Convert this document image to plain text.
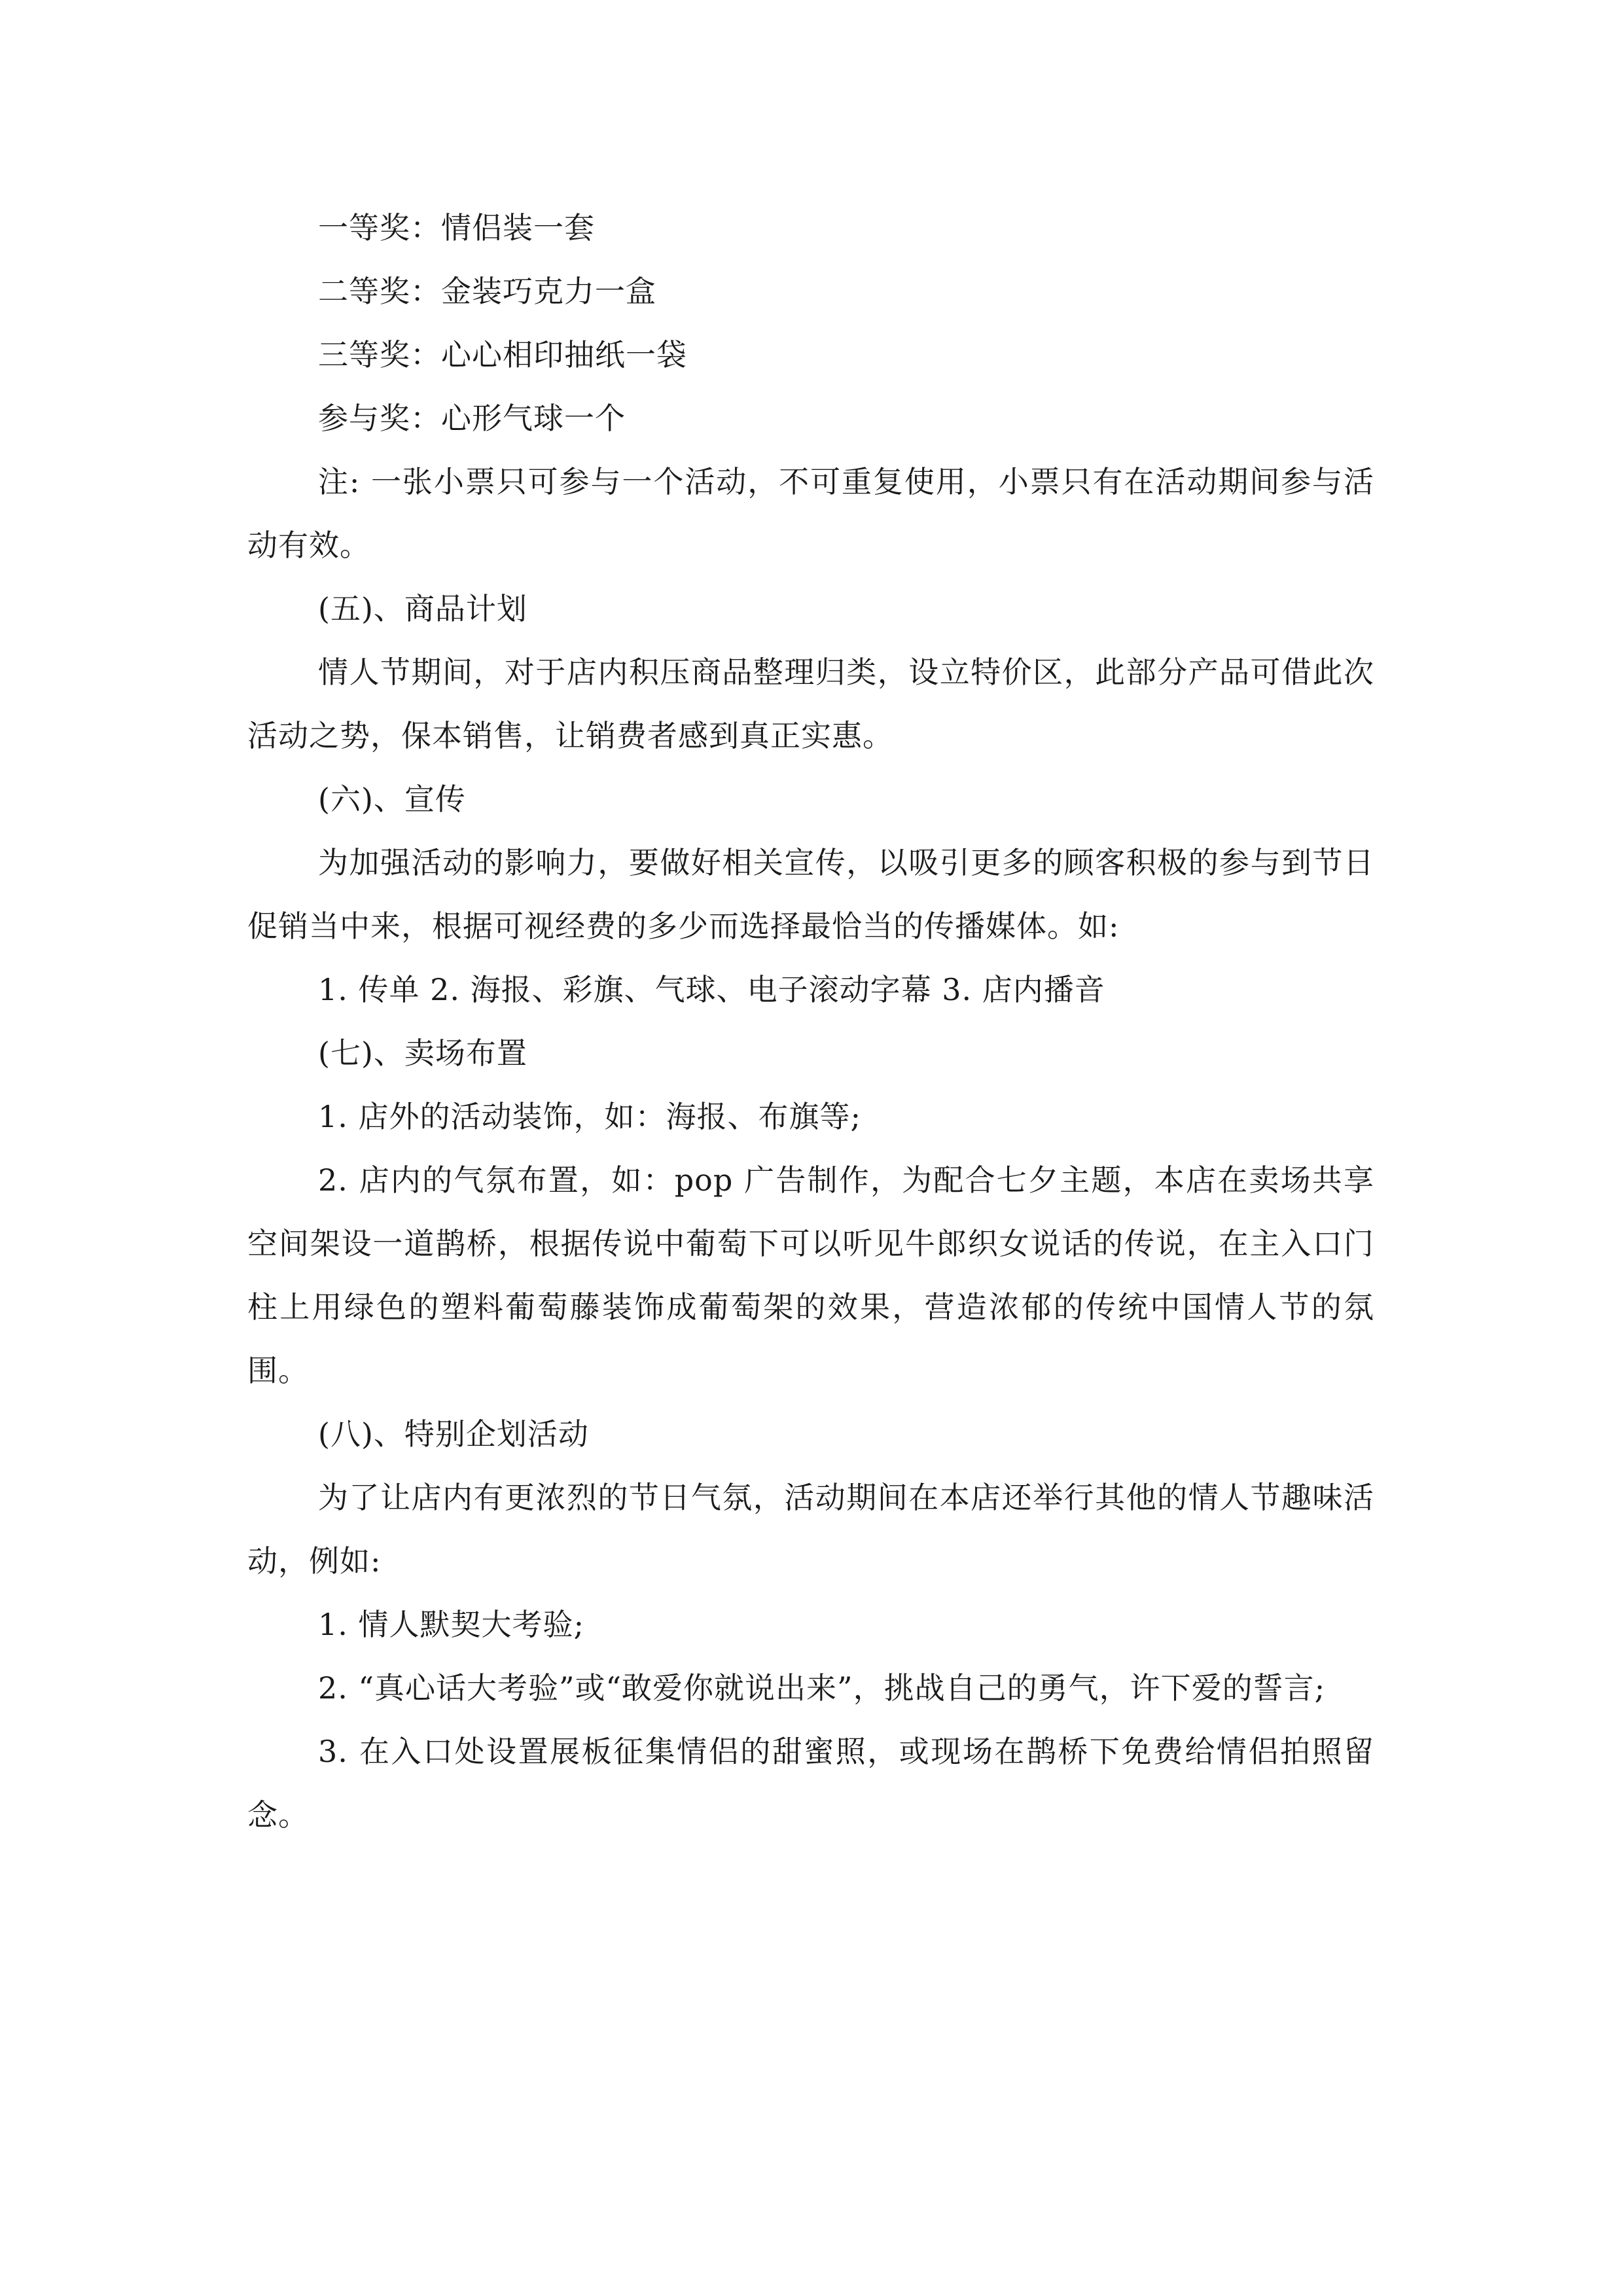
一等奖：情侣装一套

二等奖：金装巧克力一盒

三等奖：心心相印抽纸一袋

参与奖：心形气球一个

注: 一张小票只可参与一个活动，不可重复使用，小票只有在活动期间参与活动有效。

(五)、商品计划

情人节期间，对于店内积压商品整理归类，设立特价区，此部分产品可借此次活动之势，保本销售，让销费者感到真正实惠。

(六)、宣传

为加强活动的影响力，要做好相关宣传，以吸引更多的顾客积极的参与到节日促销当中来，根据可视经费的多少而选择最恰当的传播媒体。如:

1. 传单 2. 海报、彩旗、气球、电子滚动字幕 3. 店内播音

(七)、卖场布置

1. 店外的活动装饰，如：海报、布旗等;

2. 店内的气氛布置，如：pop 广告制作，为配合七夕主题，本店在卖场共享空间架设一道鹊桥，根据传说中葡萄下可以听见牛郎织女说话的传说，在主入口门柱上用绿色的塑料葡萄藤装饰成葡萄架的效果，营造浓郁的传统中国情人节的氛围。

(八)、特别企划活动

为了让店内有更浓烈的节日气氛，活动期间在本店还举行其他的情人节趣味活动，例如:

1. 情人默契大考验;

2. “真心话大考验”或“敢爱你就说出来”，挑战自己的勇气，许下爱的誓言;

3. 在入口处设置展板征集情侣的甜蜜照，或现场在鹊桥下免费给情侣拍照留念。
